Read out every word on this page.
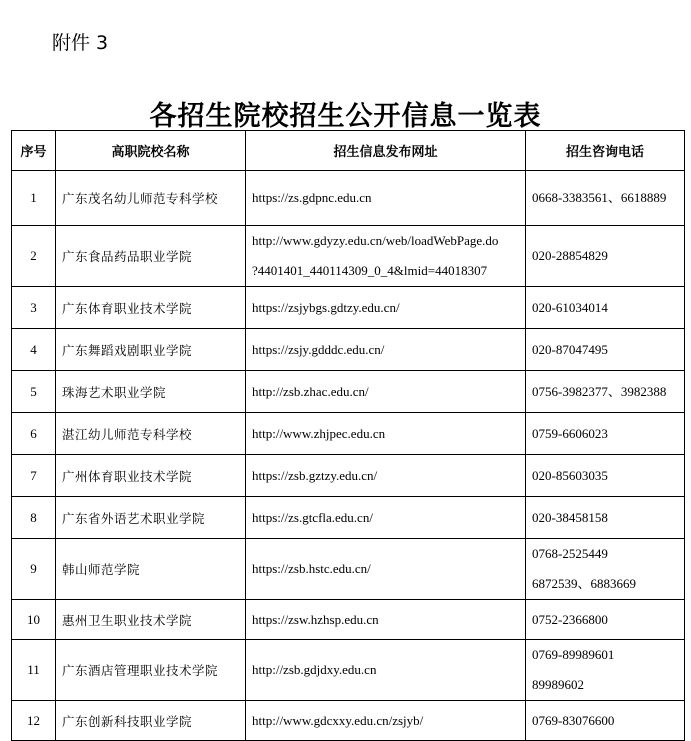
附件 3
各招生院校招生公开信息一览表
序号	高职院校名称	招生信息发布网址	招生咨询电话
1	广东茂名幼儿师范专科学校	https://zs.gdpnc.edu.cn	0668-3383561、6618889

2	广东食品药品职业学院	http://www.gdyzy.edu.cn/web/loadWebPage.do
?4401401_440114309_0_4&lmid=44018307	020-28854829

3	广东体育职业技术学院	https://zsjybgs.gdtzy.edu.cn/	020-61034014

4	广东舞蹈戏剧职业学院	https://zsjy.gdddc.edu.cn/	020-87047495

5	珠海艺术职业学院	http://zsb.zhac.edu.cn/	0756-3982377、3982388

6	湛江幼儿师范专科学校	http://www.zhjpec.edu.cn	0759-6606023

7	广州体育职业技术学院	https://zsb.gztzy.edu.cn/	020-85603035

8	广东省外语艺术职业学院	https://zs.gtcfla.edu.cn/	020-38458158

9	韩山师范学院	https://zsb.hstc.edu.cn/	0768-2525449
6872539、6883669

10	惠州卫生职业技术学院	https://zsw.hzhsp.edu.cn	0752-2366800

11	广东酒店管理职业技术学院	http://zsb.gdjdxy.edu.cn	0769-89989601
89989602

12	广东创新科技职业学院	http://www.gdcxxy.edu.cn/zsjyb/	0769-83076600
